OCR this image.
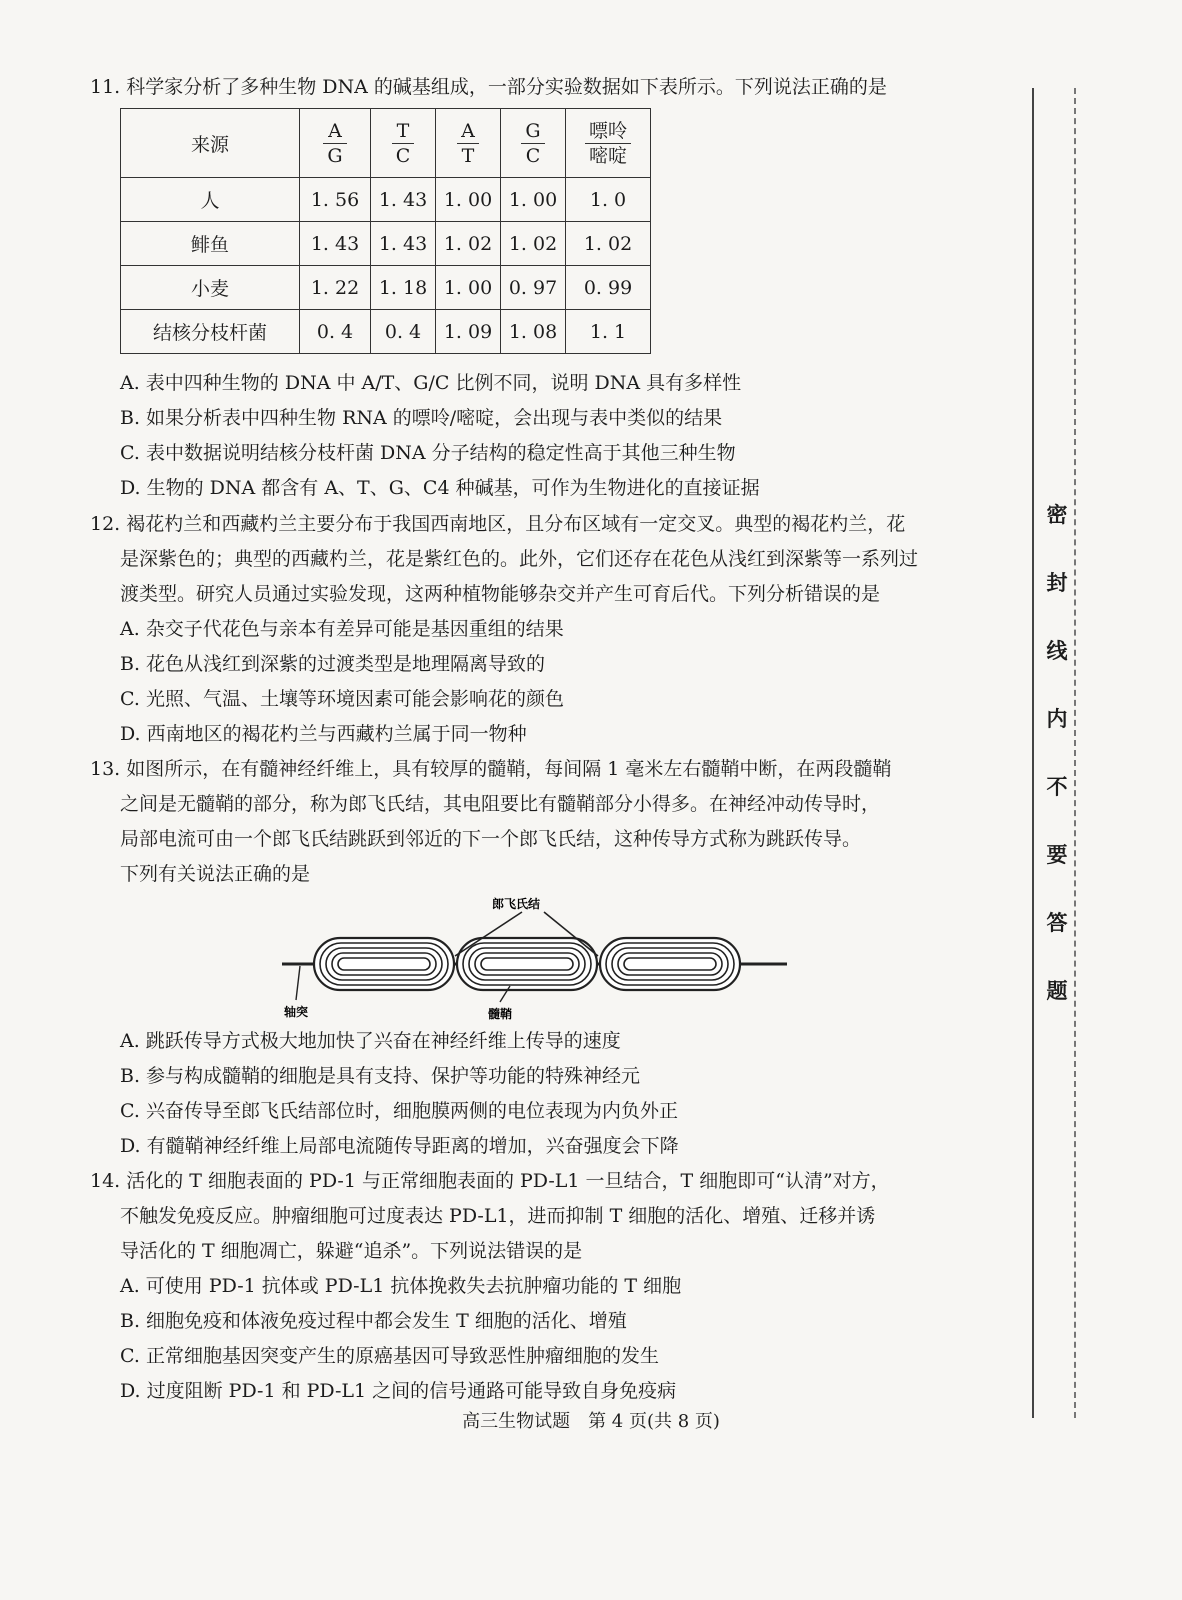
11. 科学家分析了多种生物 DNA 的碱基组成，一部分实验数据如下表所示。下列说法正确的是
来源	$\frac{A}{G}$	$\frac{T}{C}$	$\frac{A}{T}$	$\frac{G}{C}$	$\frac{\text{嘌呤}}{\text{嘧啶}}$

人	1. 56	1. 43	1. 00	1. 00	1. 0
鲱鱼	1. 43	1. 43	1. 02	1. 02	1. 02
小麦	1. 22	1. 18	1. 00	0. 97	0. 99
结核分枝杆菌	0. 4	0. 4	1. 09	1. 08	1. 1
A. 表中四种生物的 DNA 中 A/T、G/C 比例不同，说明 DNA 具有多样性
B. 如果分析表中四种生物 RNA 的嘌呤/嘧啶，会出现与表中类似的结果
C. 表中数据说明结核分枝杆菌 DNA 分子结构的稳定性高于其他三种生物
D. 生物的 DNA 都含有 A、T、G、C4 种碱基，可作为生物进化的直接证据
12. 褐花杓兰和西藏杓兰主要分布于我国西南地区，且分布区域有一定交叉。典型的褐花杓兰，花
是深紫色的；典型的西藏杓兰，花是紫红色的。此外，它们还存在花色从浅红到深紫等一系列过
渡类型。研究人员通过实验发现，这两种植物能够杂交并产生可育后代。下列分析错误的是
A. 杂交子代花色与亲本有差异可能是基因重组的结果
B. 花色从浅红到深紫的过渡类型是地理隔离导致的
C. 光照、气温、土壤等环境因素可能会影响花的颜色
D. 西南地区的褐花杓兰与西藏杓兰属于同一物种
13. 如图所示，在有髓神经纤维上，具有较厚的髓鞘，每间隔 1 毫米左右髓鞘中断，在两段髓鞘
之间是无髓鞘的部分，称为郎飞氏结，其电阻要比有髓鞘部分小得多。在神经冲动传导时，
局部电流可由一个郎飞氏结跳跃到邻近的下一个郎飞氏结，这种传导方式称为跳跃传导。
下列有关说法正确的是
郎飞氏结
轴突	髓鞘
A. 跳跃传导方式极大地加快了兴奋在神经纤维上传导的速度
B. 参与构成髓鞘的细胞是具有支持、保护等功能的特殊神经元
C. 兴奋传导至郎飞氏结部位时，细胞膜两侧的电位表现为内负外正
D. 有髓鞘神经纤维上局部电流随传导距离的增加，兴奋强度会下降
14. 活化的 T 细胞表面的 PD-1 与正常细胞表面的 PD-L1 一旦结合，T 细胞即可“认清”对方，
不触发免疫反应。肿瘤细胞可过度表达 PD-L1，进而抑制 T 细胞的活化、增殖、迁移并诱
导活化的 T 细胞凋亡，躲避“追杀”。下列说法错误的是
A. 可使用 PD-1 抗体或 PD-L1 抗体挽救失去抗肿瘤功能的 T 细胞
B. 细胞免疫和体液免疫过程中都会发生 T 细胞的活化、增殖
C. 正常细胞基因突变产生的原癌基因可导致恶性肿瘤细胞的发生
D. 过度阻断 PD-1 和 PD-L1 之间的信号通路可能导致自身免疫病
密
封
线
内
不
要
答
题
高三生物试题　第 4 页(共 8 页)
